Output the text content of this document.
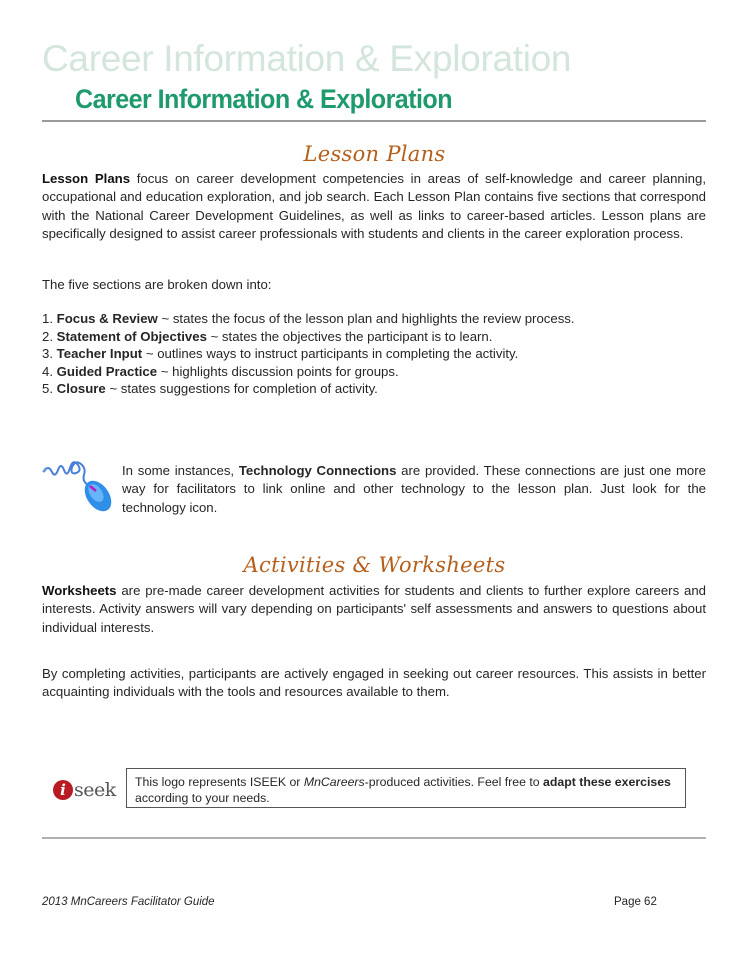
Career Information & Exploration
Career Information & Exploration
Lesson Plans
Lesson Plans focus on career development competencies in areas of self-knowledge and career planning, occupational and education exploration, and job search. Each Lesson Plan contains five sections that correspond with the National Career Development Guidelines, as well as links to career-based articles. Lesson plans are specifically designed to assist career professionals with students and clients in the career exploration process.
The five sections are broken down into:
1. Focus & Review ~ states the focus of the lesson plan and highlights the review process.
2. Statement of Objectives ~ states the objectives the participant is to learn.
3. Teacher Input ~ outlines ways to instruct participants in completing the activity.
4. Guided Practice ~ highlights discussion points for groups.
5. Closure ~ states suggestions for completion of activity.
In some instances, Technology Connections are provided. These connections are just one more way for facilitators to link online and other technology to the lesson plan. Just look for the technology icon.
Activities & Worksheets
Worksheets are pre-made career development activities for students and clients to further explore careers and interests. Activity answers will vary depending on participants' self assessments and answers to questions about individual interests.
By completing activities, participants are actively engaged in seeking out career resources. This assists in better acquainting individuals with the tools and resources available to them.
i seek	This logo represents ISEEK or MnCareers-produced activities. Feel free to adapt these exercises according to your needs.
2013 MnCareers Facilitator Guide	Page 62
